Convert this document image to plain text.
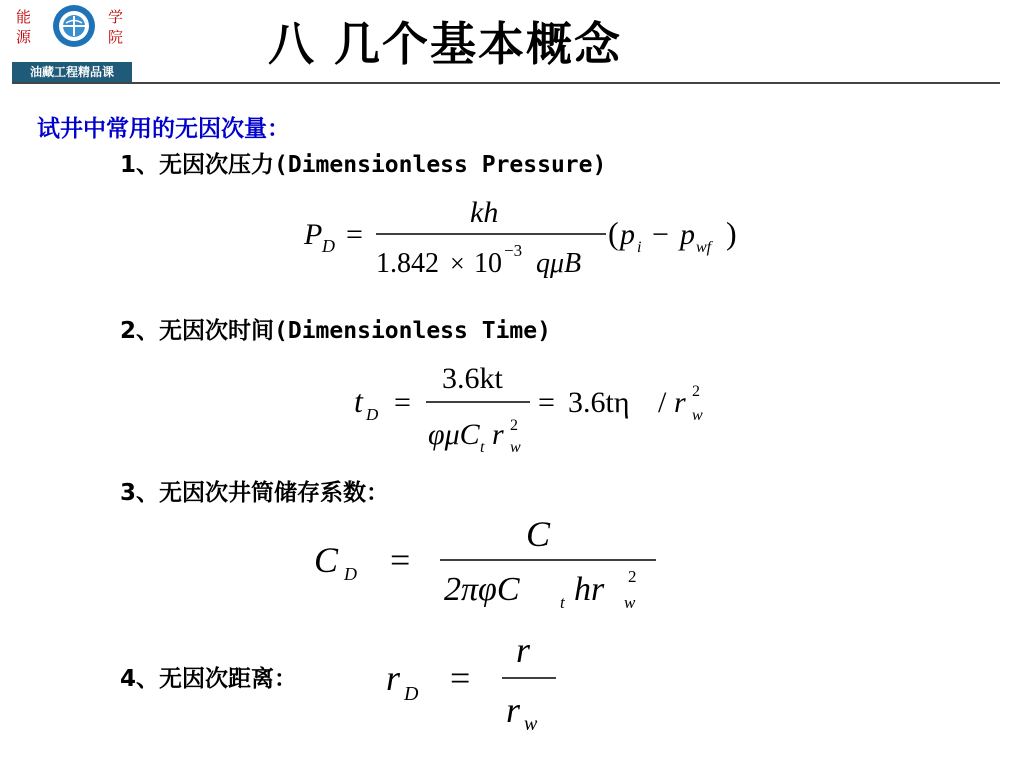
能
源
学
院
油藏工程精品课
八 几个基本概念
试井中常用的无因次量：
1、无因次压力(Dimensionless Pressure)
P D =
kh
1.842 × 10 −3 qμB
( p i − p wf )
2、无因次时间(Dimensionless Time)
t D =
3.6kt
φμC t r 2
w
= 3.6tη / r 2
w
3、无因次井筒储存系数：
C D =
C
2πφC t hr 2
w
4、无因次距离： r D =
r
r w
